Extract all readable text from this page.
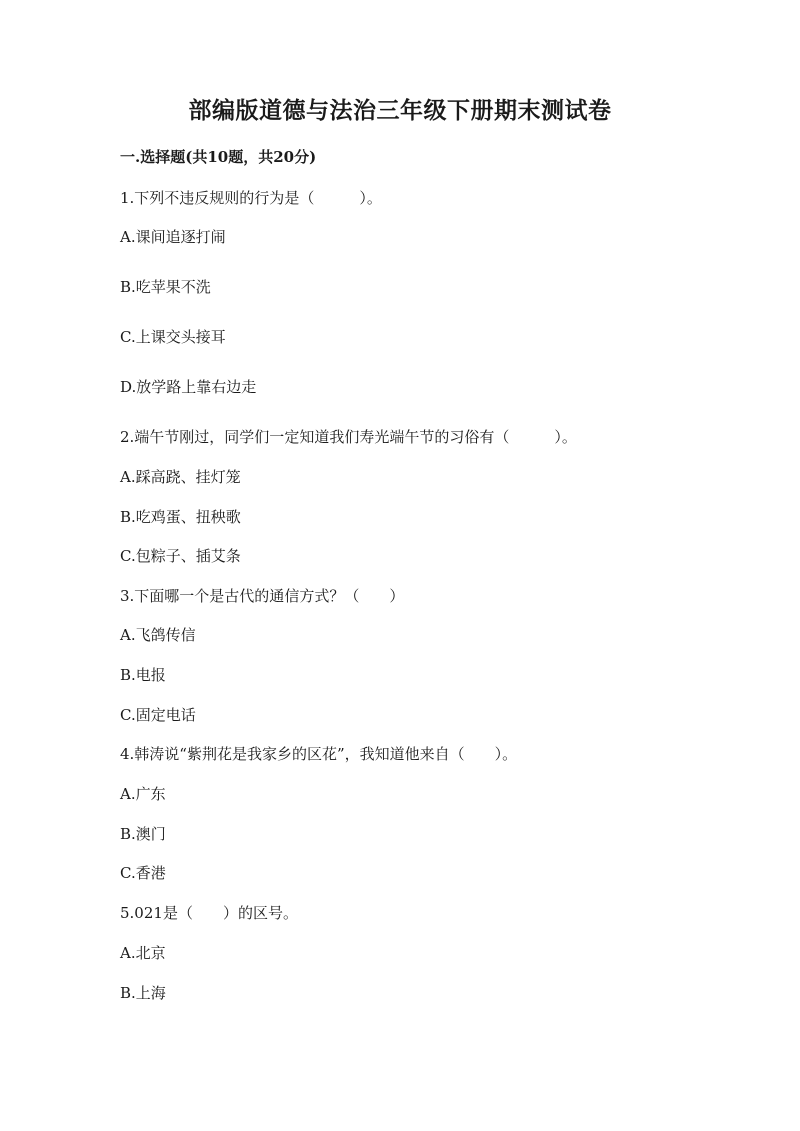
部编版道德与法治三年级下册期末测试卷
一.选择题(共10题，共20分)
1.下列不违反规则的行为是（　　　）。
A.课间追逐打闹
B.吃苹果不洗
C.上课交头接耳
D.放学路上靠右边走
2.端午节刚过，同学们一定知道我们寿光端午节的习俗有（　　　）。
A.踩高跷、挂灯笼
B.吃鸡蛋、扭秧歌
C.包粽子、插艾条
3.下面哪一个是古代的通信方式？（　　）
A.飞鸽传信
B.电报
C.固定电话
4.韩涛说“紫荆花是我家乡的区花”，我知道他来自（　　）。
A.广东
B.澳门
C.香港
5.021是（　　）的区号。
A.北京
B.上海
